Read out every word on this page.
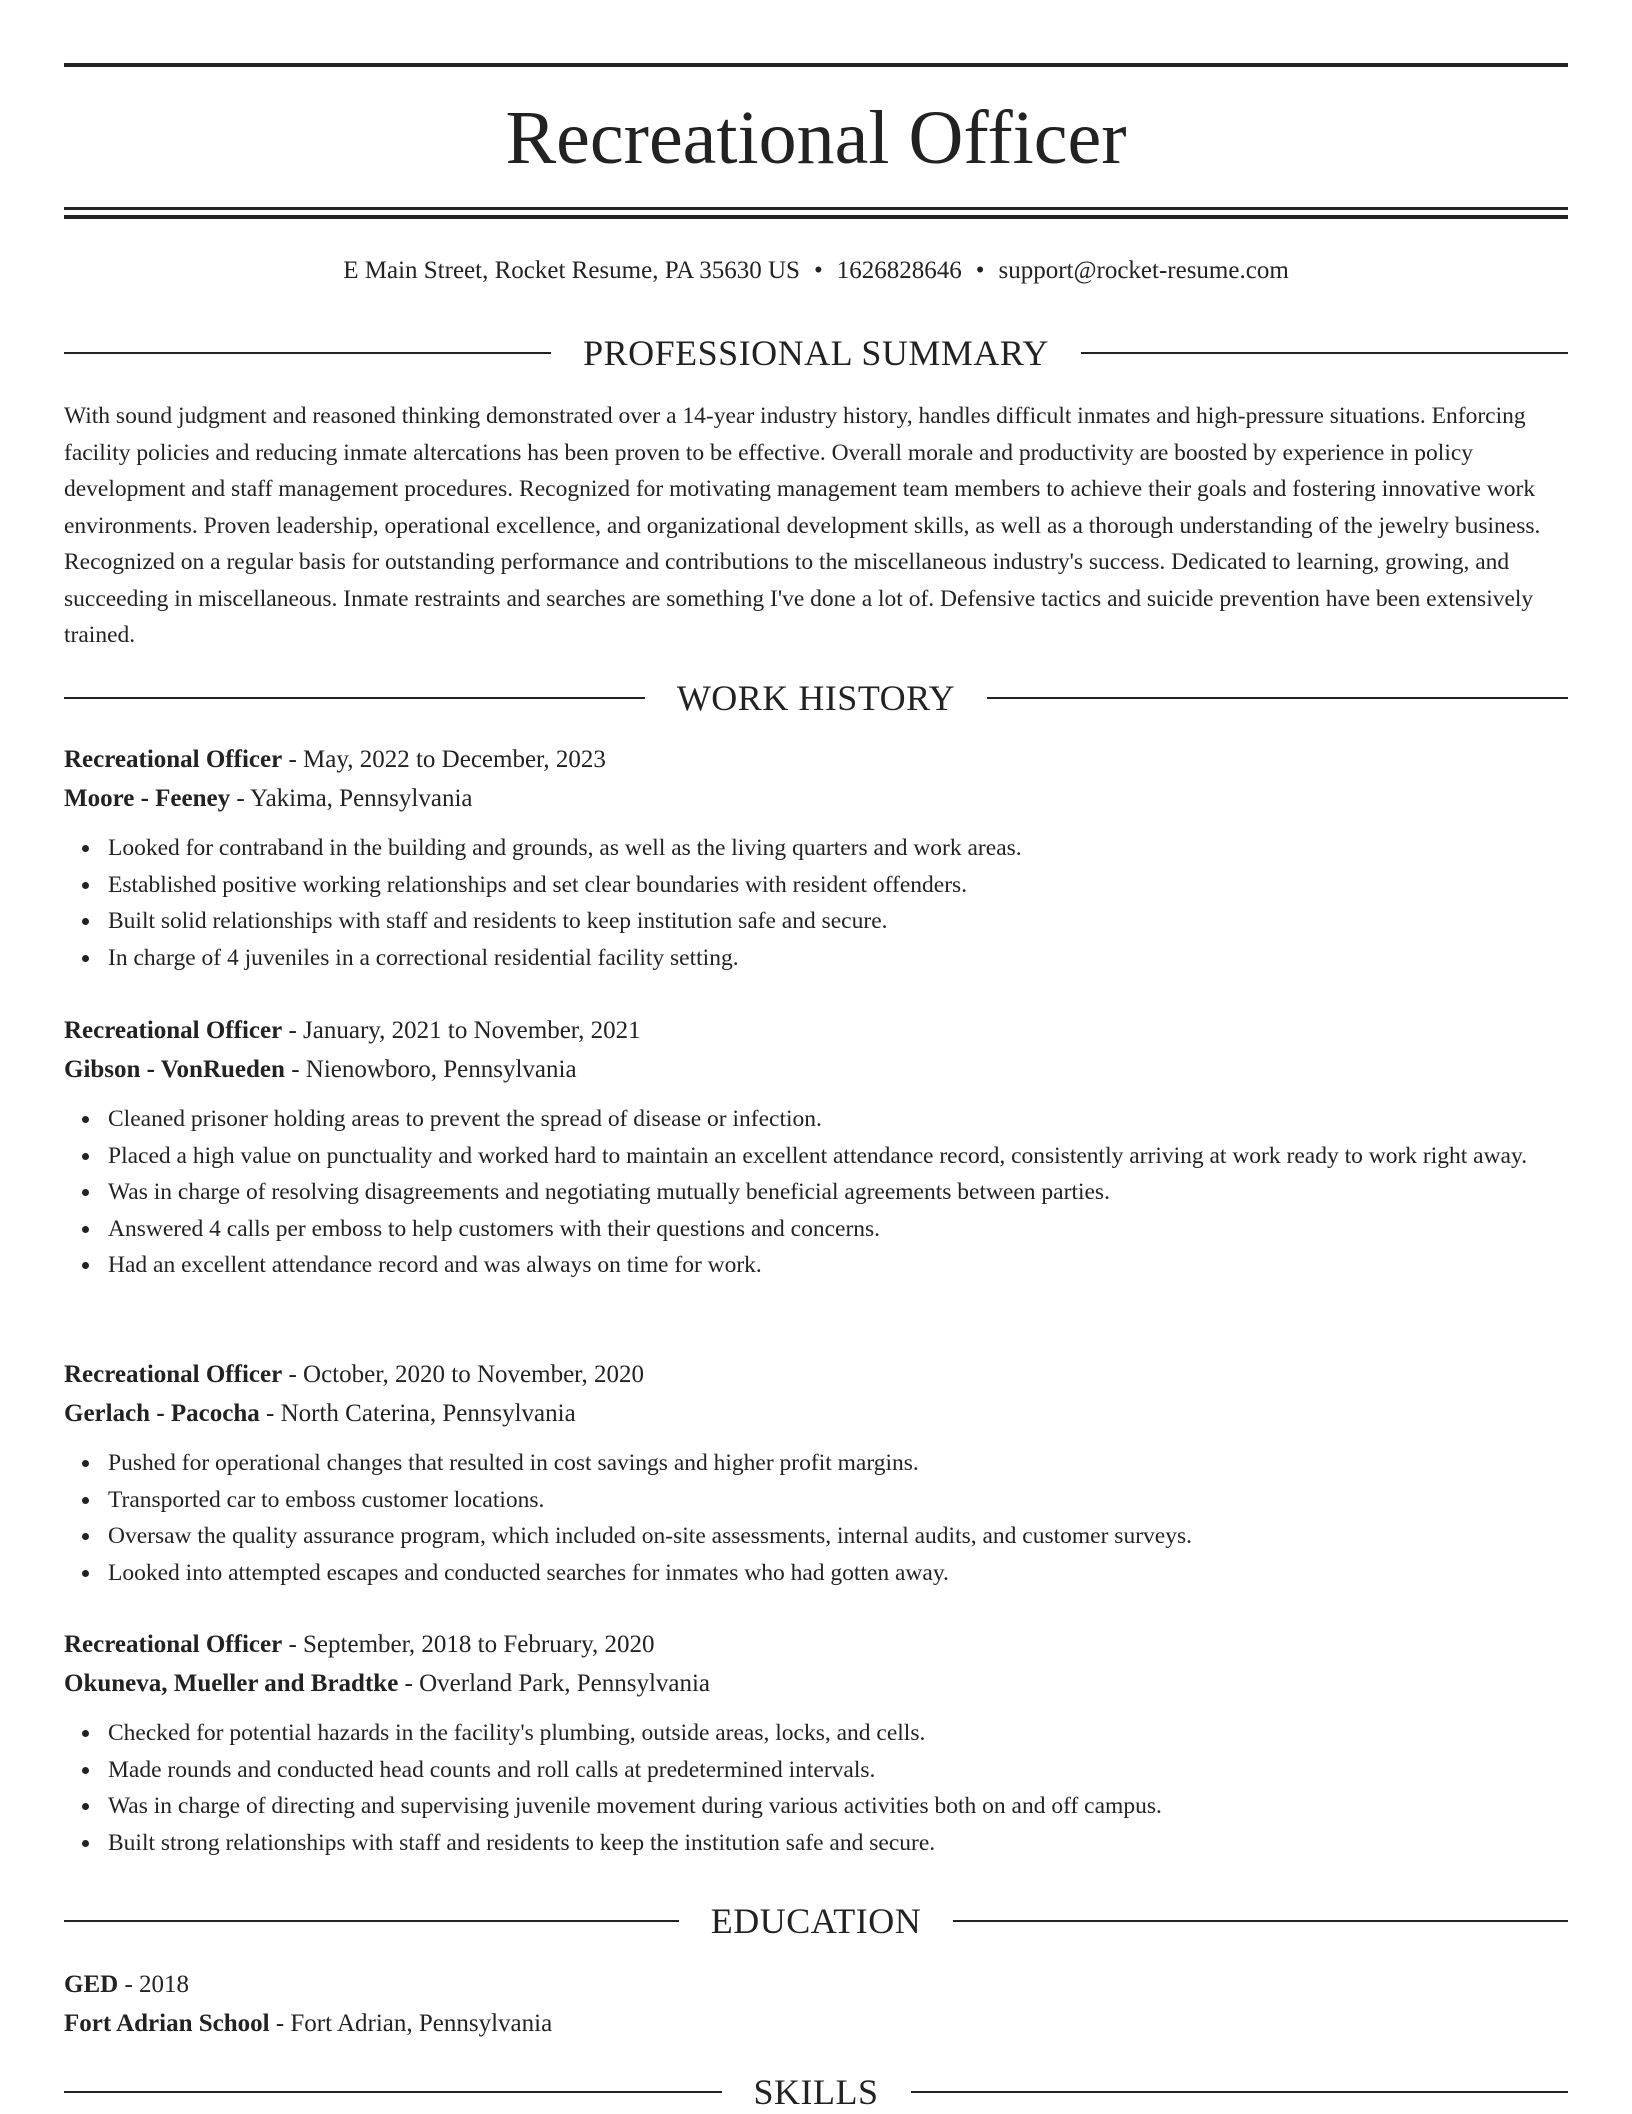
Recreational Officer
E Main Street, Rocket Resume, PA 35630 US • 1626828646 • support@rocket-resume.com
PROFESSIONAL SUMMARY

With sound judgment and reasoned thinking demonstrated over a 14-year industry history, handles difficult inmates and high-pressure situations. Enforcing facility policies and reducing inmate altercations has been proven to be effective. Overall morale and productivity are boosted by experience in policy development and staff management procedures. Recognized for motivating management team members to achieve their goals and fostering innovative work environments. Proven leadership, operational excellence, and organizational development skills, as well as a thorough understanding of the jewelry business. Recognized on a regular basis for outstanding performance and contributions to the miscellaneous industry's success. Dedicated to learning, growing, and succeeding in miscellaneous. Inmate restraints and searches are something I've done a lot of. Defensive tactics and suicide prevention have been extensively trained.

WORK HISTORY
Recreational Officer - May, 2022 to December, 2023
Moore - Feeney - Yakima, Pennsylvania
Looked for contraband in the building and grounds, as well as the living quarters and work areas.
Established positive working relationships and set clear boundaries with resident offenders.
Built solid relationships with staff and residents to keep institution safe and secure.
In charge of 4 juveniles in a correctional residential facility setting.
Recreational Officer - January, 2021 to November, 2021
Gibson - VonRueden - Nienowboro, Pennsylvania
Cleaned prisoner holding areas to prevent the spread of disease or infection.
Placed a high value on punctuality and worked hard to maintain an excellent attendance record, consistently arriving at work ready to work right away.
Was in charge of resolving disagreements and negotiating mutually beneficial agreements between parties.
Answered 4 calls per emboss to help customers with their questions and concerns.
Had an excellent attendance record and was always on time for work.
Recreational Officer - October, 2020 to November, 2020
Gerlach - Pacocha - North Caterina, Pennsylvania
Pushed for operational changes that resulted in cost savings and higher profit margins.
Transported car to emboss customer locations.
Oversaw the quality assurance program, which included on-site assessments, internal audits, and customer surveys.
Looked into attempted escapes and conducted searches for inmates who had gotten away.
Recreational Officer - September, 2018 to February, 2020
Okuneva, Mueller and Bradtke - Overland Park, Pennsylvania
Checked for potential hazards in the facility's plumbing, outside areas, locks, and cells.
Made rounds and conducted head counts and roll calls at predetermined intervals.
Was in charge of directing and supervising juvenile movement during various activities both on and off campus.
Built strong relationships with staff and residents to keep the institution safe and secure.
EDUCATION
GED - 2018
Fort Adrian School - Fort Adrian, Pennsylvania
SKILLS
